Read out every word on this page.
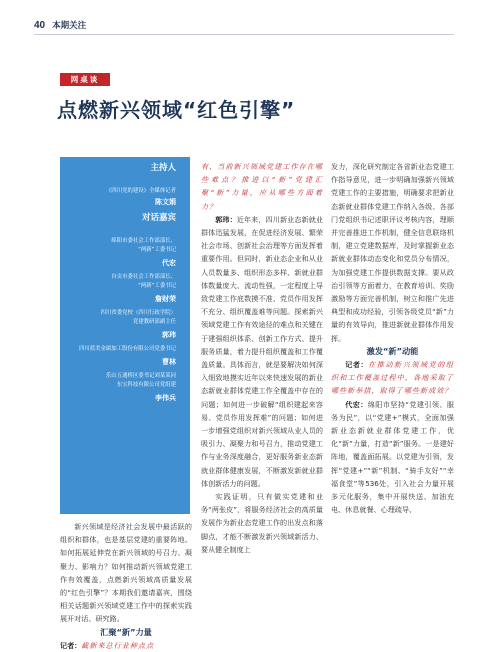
40 本期关注
网桌谈
点燃新兴领域“红色引擎”
主持人
《四川党的建设》全媒体记者
陈文娟
对话嘉宾
绵阳市委社会工作部部长、
“两新”工委书记
代宏
自贡市委社会工作部部长、
“两新”工委书记
詹财荣
四川省委党校（四川行政学院）
党建教研部副主任
郭玮
四川蓝美金属加工股份有限公司党委书记
曹林
乐山五通桥区委书记刘某某同
东宝科技有限公司党组建
李伟兵

新兴领域是经济社会发展中最活跃的组织和群体，也是基层党建的重要阵地。如何拓展延伸党在新兴领域的号召力、凝聚力、影响力？如何推动新兴领域党建工作有效覆盖，点燃新兴领域高质量发展的“红色引擎”？本期我们邀请嘉宾，围绕相关话题新兴领域党建工作中的探索实践展开对话、研究路。

汇聚“新”力量

记者：截新来总行业种点点

有、当前新兴领域党建工作存在哪些难点？推进以“新”党建汇聚“新”力量，应从哪些方面着力？

郭玮：近年来，四川新业态新就业群体迅猛发展，在促进经济发展、繁荣社会市场、创新社会治理等方面发挥着重要作用。但同时，新业态企业和从业人员数量多、组织形态多样、新就业群体数量庞大、流动性强，一定程度上导致党建工作底数摸不准、党员作用发挥不充分、组织覆盖难等问题。探索新兴领域党建工作有效途径的难点和关键在于建强组织体系、创新工作方式、提升服务质量，着力提升组织覆盖和工作覆盖质量。具体而言，就是要解决如何深入细致地摸实近年以来快速发展的新业态新就业群体党建工作全覆盖中存在的问题；如何进一步破解“组织建起来容易、党员作用发挥难”的问题；如何进一步增强党组织对新兴领域从业人员的吸引力、凝聚力和号召力，推动党建工作与业务深度融合，更好服务新业态新就业群体健康发展，不断激发新就业群体创新活力的问题。

实践证明，只有做实党建和业务“两张皮”，将服务经济社会的高质量发展作为新业态党建工作的出发点和落脚点，才能不断激发新兴领域新活力、要从健全制度上

发力，深化研究制定各省新业态党建工作指导意见，进一步明确加强新兴领域党建工作的主要措施，明确要求把新业态新就业群体党建工作纳入各级、各部门党组织书记述职评议考核内容，理顺并完善推进工作机制，健全信息联络机制，建立党建数据库，及时掌握新业态新就业群体动态变化和党员分布情况，为加强党建工作提供数据支撑。要从政治引领等方面着力，在教育培训、奖励激励等方面完善机制，树立和推广先进典型和成功经验，引领各级党员“新”力量的有效导向，推进新就业群体作用发挥。

激发“新”动能

记者：在推动新兴领域党的组织和工作覆盖过程中，各地采取了哪些新举措，取得了哪些新成效？

代宏：绵阳市坚持“党建引领、服务为民”，以“党建+”模式，全面加强新业态新就业群体党建工作，优化“新”力量，打造“新”服务。一是建好阵地，覆盖面拓展。以党建为引领，发挥“党建+”“新”机制、“骑手友好”“幸福食堂”等536处，引入社会力量开展多元化服务，集中开展快送、加油充电、休息就餐、心理疏导、
